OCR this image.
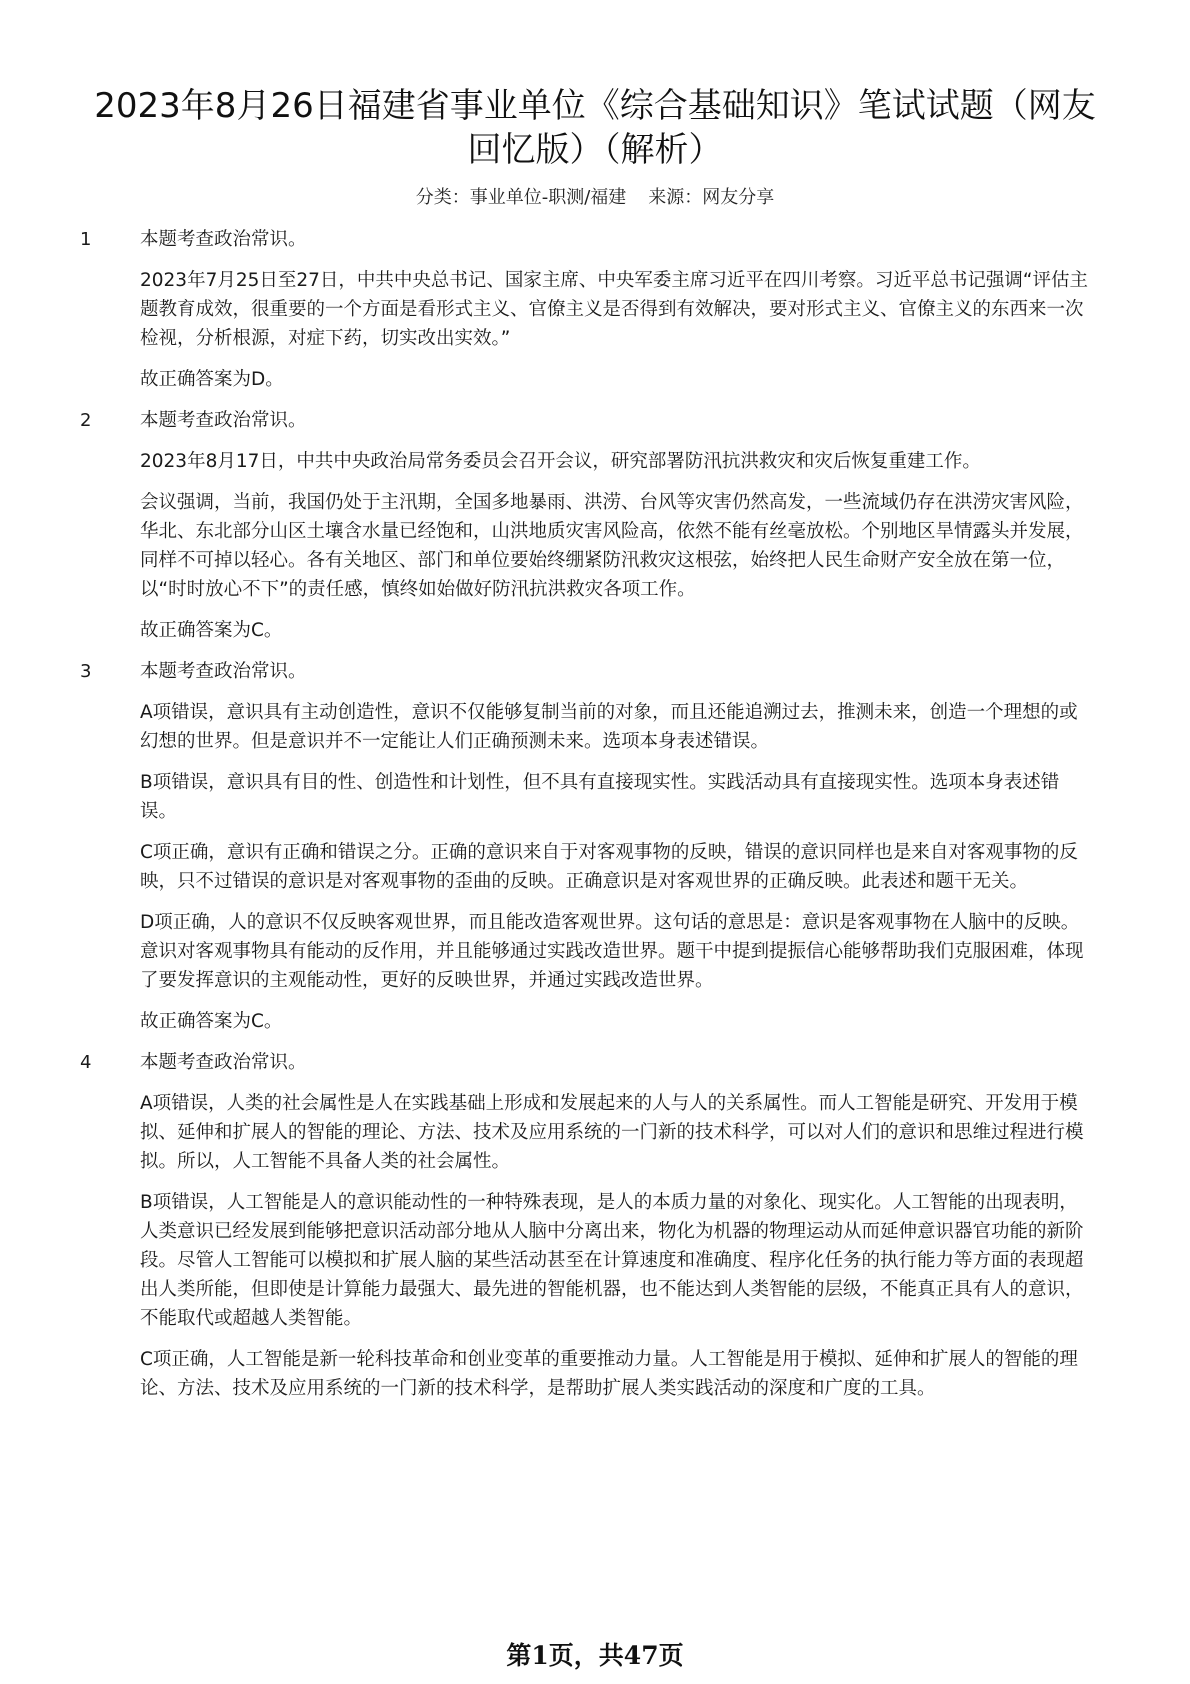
2023年8月26日福建省事业单位《综合基础知识》笔试试题（网友回忆版）（解析）
分类：事业单位-职测/福建 来源：网友分享
1	本题考查政治常识。

2023年7月25日至27日，中共中央总书记、国家主席、中央军委主席习近平在四川考察。习近平总书记强调“评估主题教育成效，很重要的一个方面是看形式主义、官僚主义是否得到有效解决，要对形式主义、官僚主义的东西来一次检视，分析根源，对症下药，切实改出实效。”

故正确答案为D。

2	本题考查政治常识。

2023年8月17日，中共中央政治局常务委员会召开会议，研究部署防汛抗洪救灾和灾后恢复重建工作。

会议强调，当前，我国仍处于主汛期，全国多地暴雨、洪涝、台风等灾害仍然高发，一些流域仍存在洪涝灾害风险，华北、东北部分山区土壤含水量已经饱和，山洪地质灾害风险高，依然不能有丝毫放松。个别地区旱情露头并发展，同样不可掉以轻心。各有关地区、部门和单位要始终绷紧防汛救灾这根弦，始终把人民生命财产安全放在第一位，以“时时放心不下”的责任感，慎终如始做好防汛抗洪救灾各项工作。

故正确答案为C。

3	本题考查政治常识。

A项错误，意识具有主动创造性，意识不仅能够复制当前的对象，而且还能追溯过去，推测未来，创造一个理想的或幻想的世界。但是意识并不一定能让人们正确预测未来。选项本身表述错误。

B项错误，意识具有目的性、创造性和计划性，但不具有直接现实性。实践活动具有直接现实性。选项本身表述错误。

C项正确，意识有正确和错误之分。正确的意识来自于对客观事物的反映，错误的意识同样也是来自对客观事物的反映，只不过错误的意识是对客观事物的歪曲的反映。正确意识是对客观世界的正确反映。此表述和题干无关。

D项正确，人的意识不仅反映客观世界，而且能改造客观世界。这句话的意思是：意识是客观事物在人脑中的反映。意识对客观事物具有能动的反作用，并且能够通过实践改造世界。题干中提到提振信心能够帮助我们克服困难，体现了要发挥意识的主观能动性，更好的反映世界，并通过实践改造世界。

故正确答案为C。

4	本题考查政治常识。

A项错误，人类的社会属性是人在实践基础上形成和发展起来的人与人的关系属性。而人工智能是研究、开发用于模拟、延伸和扩展人的智能的理论、方法、技术及应用系统的一门新的技术科学，可以对人们的意识和思维过程进行模拟。所以，人工智能不具备人类的社会属性。

B项错误，人工智能是人的意识能动性的一种特殊表现，是人的本质力量的对象化、现实化。人工智能的出现表明，人类意识已经发展到能够把意识活动部分地从人脑中分离出来，物化为机器的物理运动从而延伸意识器官功能的新阶段。尽管人工智能可以模拟和扩展人脑的某些活动甚至在计算速度和准确度、程序化任务的执行能力等方面的表现超出人类所能，但即使是计算能力最强大、最先进的智能机器，也不能达到人类智能的层级，不能真正具有人的意识，不能取代或超越人类智能。

C项正确，人工智能是新一轮科技革命和创业变革的重要推动力量。人工智能是用于模拟、延伸和扩展人的智能的理论、方法、技术及应用系统的一门新的技术科学，是帮助扩展人类实践活动的深度和广度的工具。

第1页，共47页
